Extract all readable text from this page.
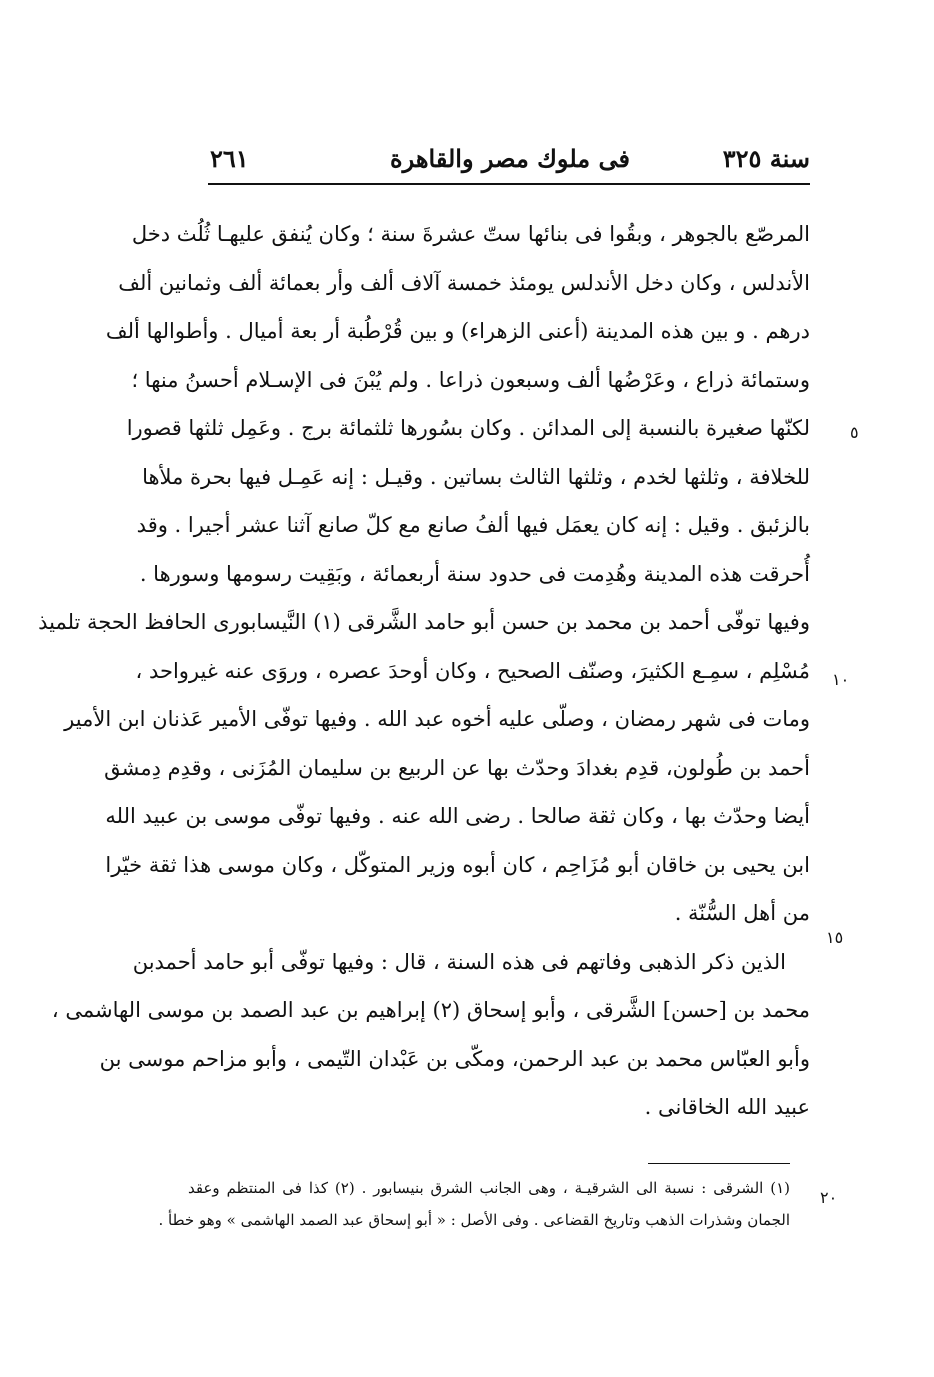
سنة ٣٢٥
فى ملوك مصر والقاهرة
٢٦١
المرصّع بالجوهر ، وبقُوا فى بنائها ستّ عشرةَ سنة ؛ وكان يُنفق عليهـا ثُلُث دخل
الأندلس ، وكان دخل الأندلس يومئذ خمسة آلاف ألف وأر بعمائة ألف وثمانين ألف
درهم . و بين هذه المدينة (أعنى الزهراء) و بين قُرْطُبة أر بعة أميال . وأطوالها ألف
وستمائة ذراع ، وعَرْضُها ألف وسبعون ذراعا . ولم يُبْنَ فى الإسـلام أحسنُ منها ؛
لكنّها صغيرة بالنسبة إلى المدائن . وكان بسُورها ثلثمائة برج . وعَمِل ثلثها قصورا
للخلافة ، وثلثها لخدم ، وثلثها الثالث بساتين . وقيـل : إنه عَمِـل فيها بحرة ملأها
بالزئبق . وقيل : إنه كان يعمَل فيها ألفُ صانع مع كلّ صانع آثنا عشر أجيرا . وقد
أُحرقت هذه المدينة وهُدِمت فى حدود سنة أربعمائة ، وبَقِيت رسومها وسورها .
وفيها توفّى أحمد بن محمد بن حسن أبو حامد الشَّرقى (١) النَّيسابورى الحافظ الحجة تلميذ
مُسْلِم ، سمِـع الكثيرَ، وصنّف الصحيح ، وكان أوحدَ عصره ، وروَى عنه غيرواحد ،
ومات فى شهر رمضان ، وصلّى عليه أخوه عبد الله . وفيها توفّى الأمير عَذنان ابن الأمير
أحمد بن طُولون، قدِم بغدادَ وحدّث بها عن الربيع بن سليمان المُزَنى ، وقدِم دِمشق
أيضا وحدّث بها ، وكان ثقة صالحا . رضى الله عنه . وفيها توفّى موسى بن عبيد الله
ابن يحيى بن خاقان أبو مُزَاحِم ، كان أبوه وزير المتوكّل ، وكان موسى هذا ثقة خيّرا
من أهل السُّنّة .
الذين ذكر الذهبى وفاتهم فى هذه السنة ، قال : وفيها توفّى أبو حامد أحمدبن
محمد بن [حسن] الشَّرقى ، وأبو إسحاق (٢) إبراهيم بن عبد الصمد بن موسى الهاشمى ،
وأبو العبّاس محمد بن عبد الرحمن، ومكّى بن عَبْدان التّيمى ، وأبو مزاحم موسى بن
عبيد الله الخاقانى .
٥
١٠
١٥
٢٠
(١) الشرقى : نسبة الى الشرقيـة ، وهى الجانب الشرق بنيسابور . (٢) كذا فى المنتظم وعقد
الجمان وشذرات الذهب وتاريخ القضاعى . وفى الأصل : « أبو إسحاق عبد الصمد الهاشمى » وهو خطأ .
